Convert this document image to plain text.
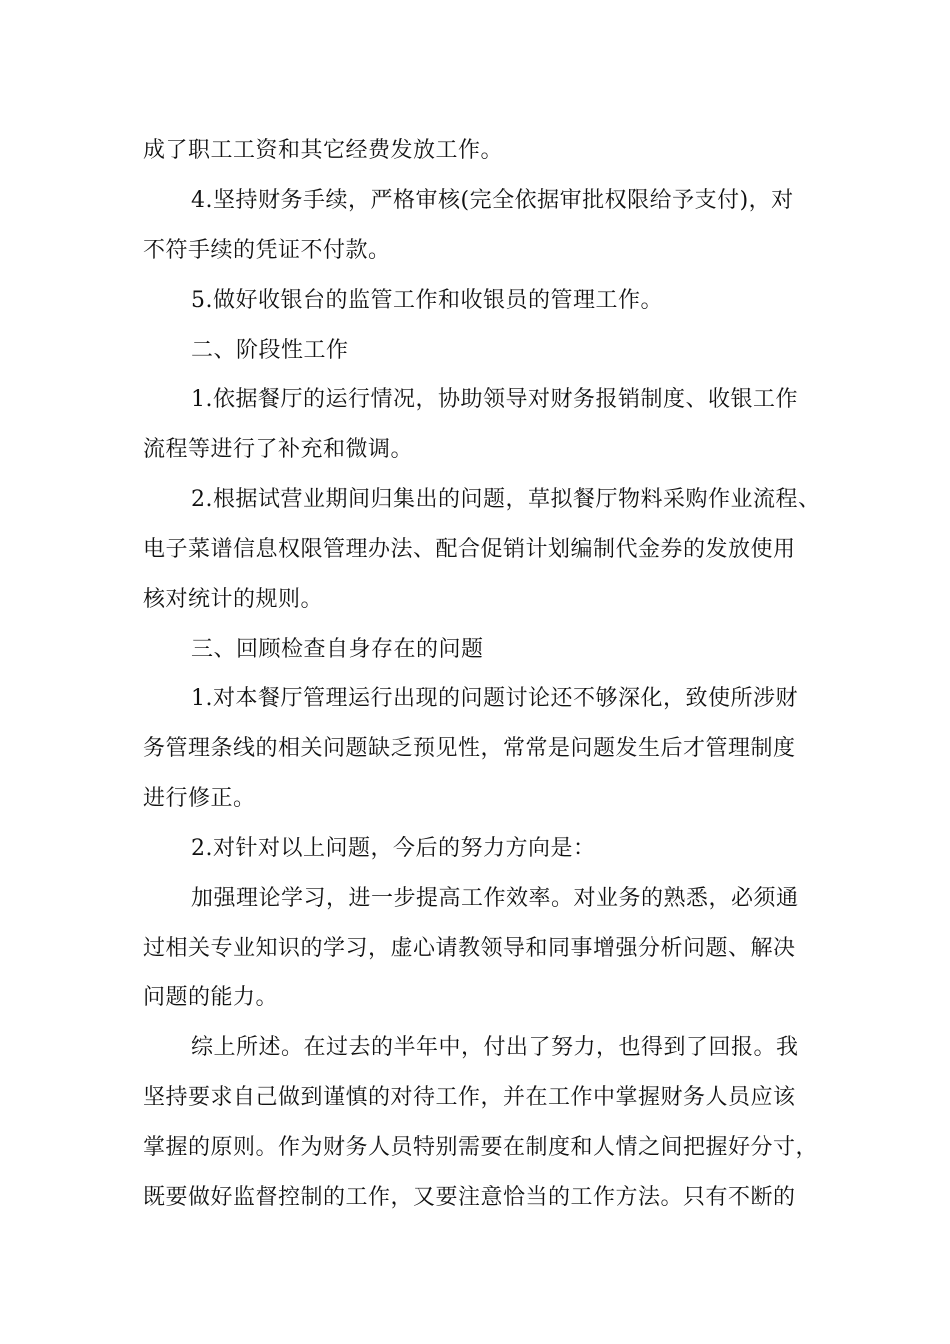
成了职工工资和其它经费发放工作。
4.坚持财务手续，严格审核(完全依据审批权限给予支付)，对
不符手续的凭证不付款。
5.做好收银台的监管工作和收银员的管理工作。
二、阶段性工作
1.依据餐厅的运行情况，协助领导对财务报销制度、收银工作
流程等进行了补充和微调。
2.根据试营业期间归集出的问题，草拟餐厅物料采购作业流程、
电子菜谱信息权限管理办法、配合促销计划编制代金券的发放使用
核对统计的规则。
三、回顾检查自身存在的问题
1.对本餐厅管理运行出现的问题讨论还不够深化，致使所涉财
务管理条线的相关问题缺乏预见性，常常是问题发生后才管理制度
进行修正。
2.对针对以上问题，今后的努力方向是：
加强理论学习，进一步提高工作效率。对业务的熟悉，必须通
过相关专业知识的学习，虚心请教领导和同事增强分析问题、解决
问题的能力。
综上所述。在过去的半年中，付出了努力，也得到了回报。我
坚持要求自己做到谨慎的对待工作，并在工作中掌握财务人员应该
掌握的原则。作为财务人员特别需要在制度和人情之间把握好分寸，
既要做好监督控制的工作，又要注意恰当的工作方法。只有不断的
